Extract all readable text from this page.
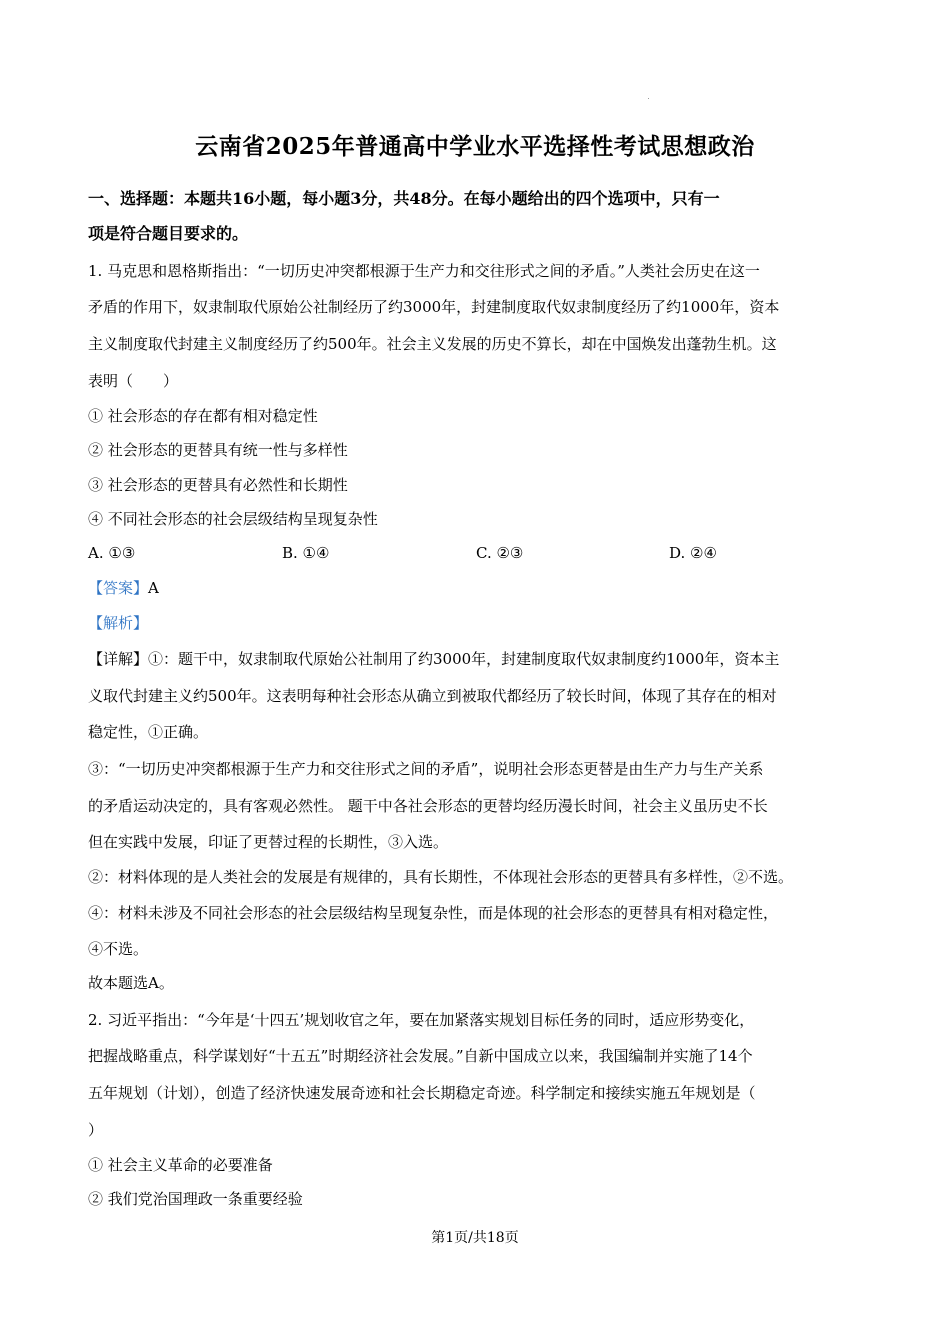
云南省2025年普通高中学业水平选择性考试思想政治
一、选择题：本题共16小题，每小题3分，共48分。在每小题给出的四个选项中，只有一
项是符合题目要求的。
1. 马克思和恩格斯指出：“一切历史冲突都根源于生产力和交往形式之间的矛盾。”人类社会历史在这一
矛盾的作用下，奴隶制取代原始公社制经历了约3000年，封建制度取代奴隶制度经历了约1000年，资本
主义制度取代封建主义制度经历了约500年。社会主义发展的历史不算长，却在中国焕发出蓬勃生机。这
表明（　　）
① 社会形态的存在都有相对稳定性
② 社会形态的更替具有统一性与多样性
③ 社会形态的更替具有必然性和长期性
④ 不同社会形态的社会层级结构呈现复杂性
A. ①③	B. ①④	C. ②③	D. ②④
【答案】A
【解析】
【详解】①：题干中，奴隶制取代原始公社制用了约3000年，封建制度取代奴隶制度约1000年，资本主
义取代封建主义约500年。这表明每种社会形态从确立到被取代都经历了较长时间，体现了其存在的相对
稳定性，①正确。
③：“一切历史冲突都根源于生产力和交往形式之间的矛盾”，说明社会形态更替是由生产力与生产关系
的矛盾运动决定的，具有客观必然性。 题干中各社会形态的更替均经历漫长时间，社会主义虽历史不长
但在实践中发展，印证了更替过程的长期性，③入选。
②：材料体现的是人类社会的发展是有规律的，具有长期性，不体现社会形态的更替具有多样性，②不选。
④：材料未涉及不同社会形态的社会层级结构呈现复杂性，而是体现的社会形态的更替具有相对稳定性，
④不选。
故本题选A。
2. 习近平指出：“今年是‘十四五’规划收官之年，要在加紧落实规划目标任务的同时，适应形势变化，
把握战略重点，科学谋划好“十五五”时期经济社会发展。”自新中国成立以来，我国编制并实施了14个
五年规划（计划），创造了经济快速发展奇迹和社会长期稳定奇迹。科学制定和接续实施五年规划是（
）
① 社会主义革命的必要准备
② 我们党治国理政一条重要经验
第1页/共18页
